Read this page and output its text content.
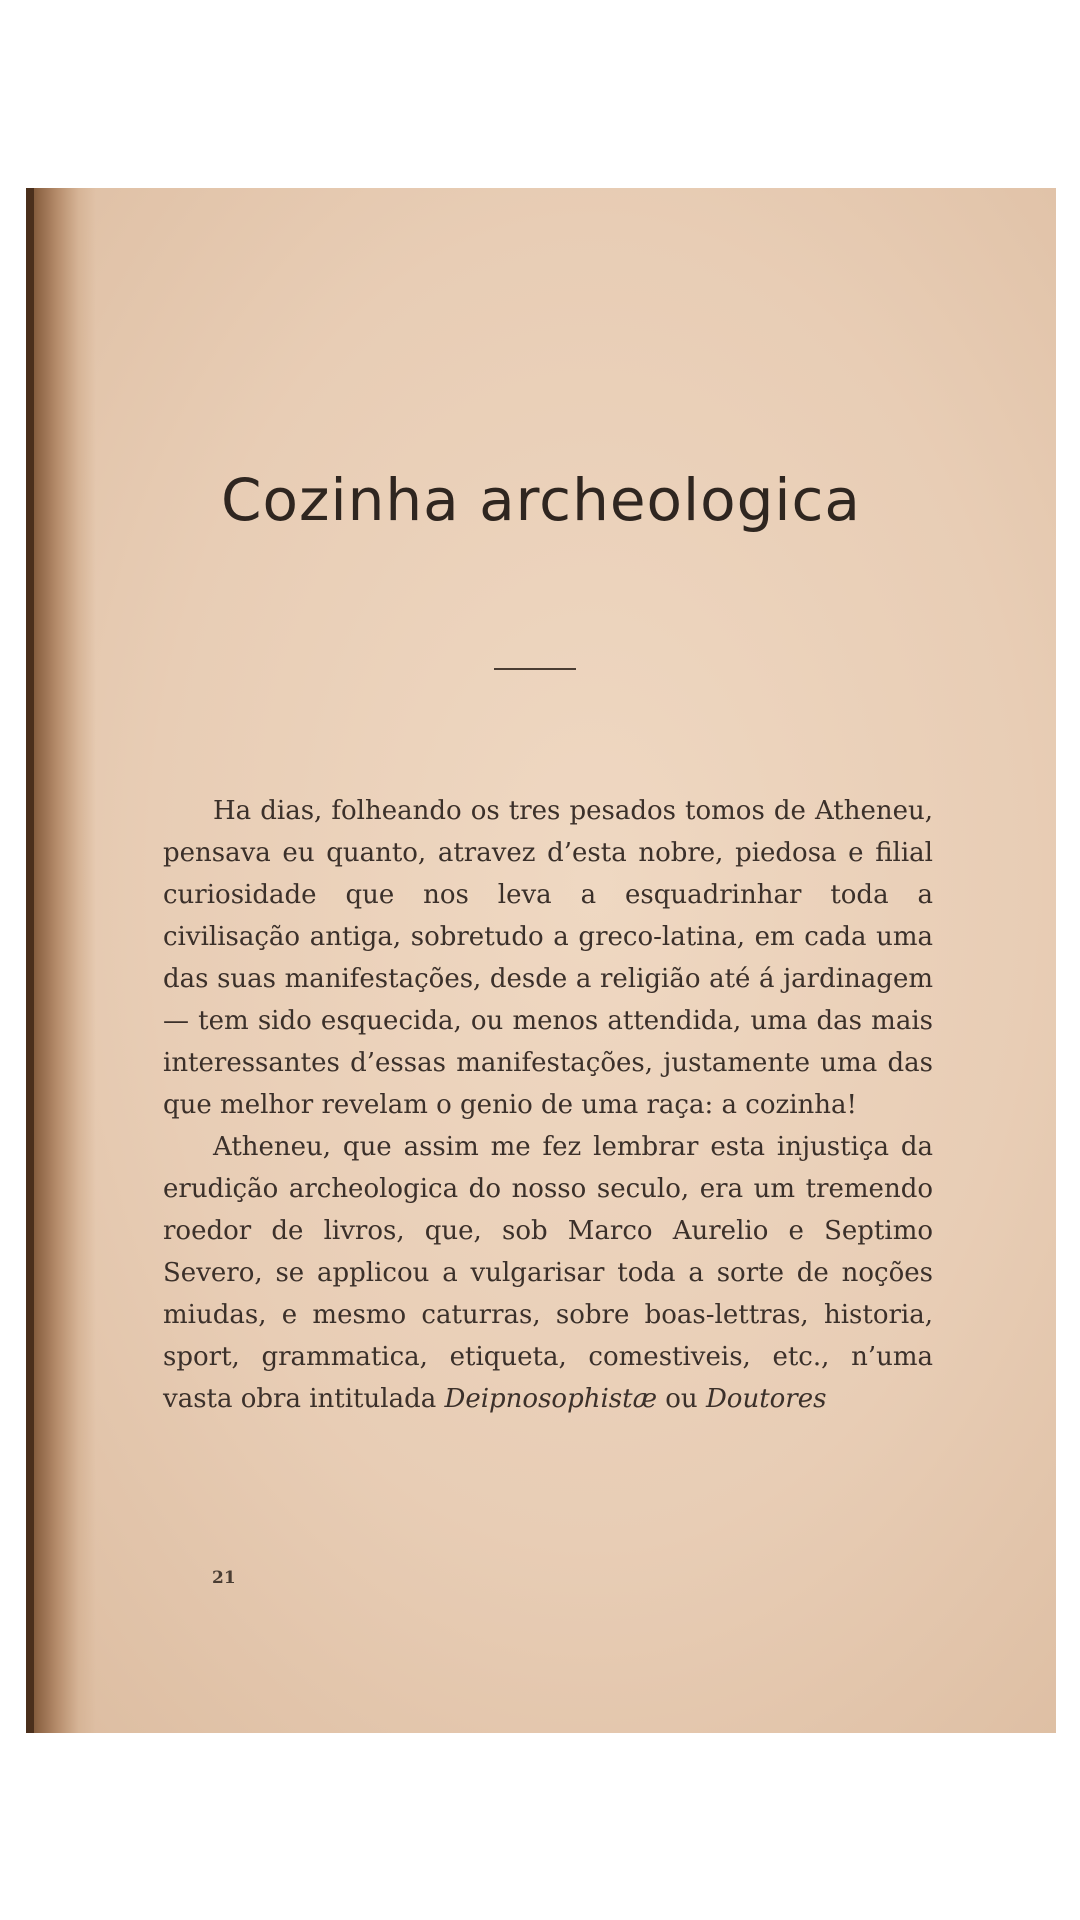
Cozinha archeologica

Ha dias, folheando os tres pesados tomos de Atheneu, pensava eu quanto, atravez d’esta nobre, piedosa e filial curiosidade que nos leva a esquadrinhar toda a civilisação antiga, sobretudo a greco-latina, em cada uma das suas manifestações, desde a religião até á jardinagem — tem sido esquecida, ou menos attendida, uma das mais interessantes d’essas manifestações, justamente uma das que melhor revelam o genio de uma raça: a cozinha!

Atheneu, que assim me fez lembrar esta injustiça da erudição archeologica do nosso seculo, era um tremendo roedor de livros, que, sob Marco Aurelio e Septimo Severo, se applicou a vulgarisar toda a sorte de noções miudas, e mesmo caturras, sobre boas-lettras, historia, sport, grammatica, etiqueta, comestiveis, etc., n’uma vasta obra intitulada Deipnosophistæ ou Doutores

21
